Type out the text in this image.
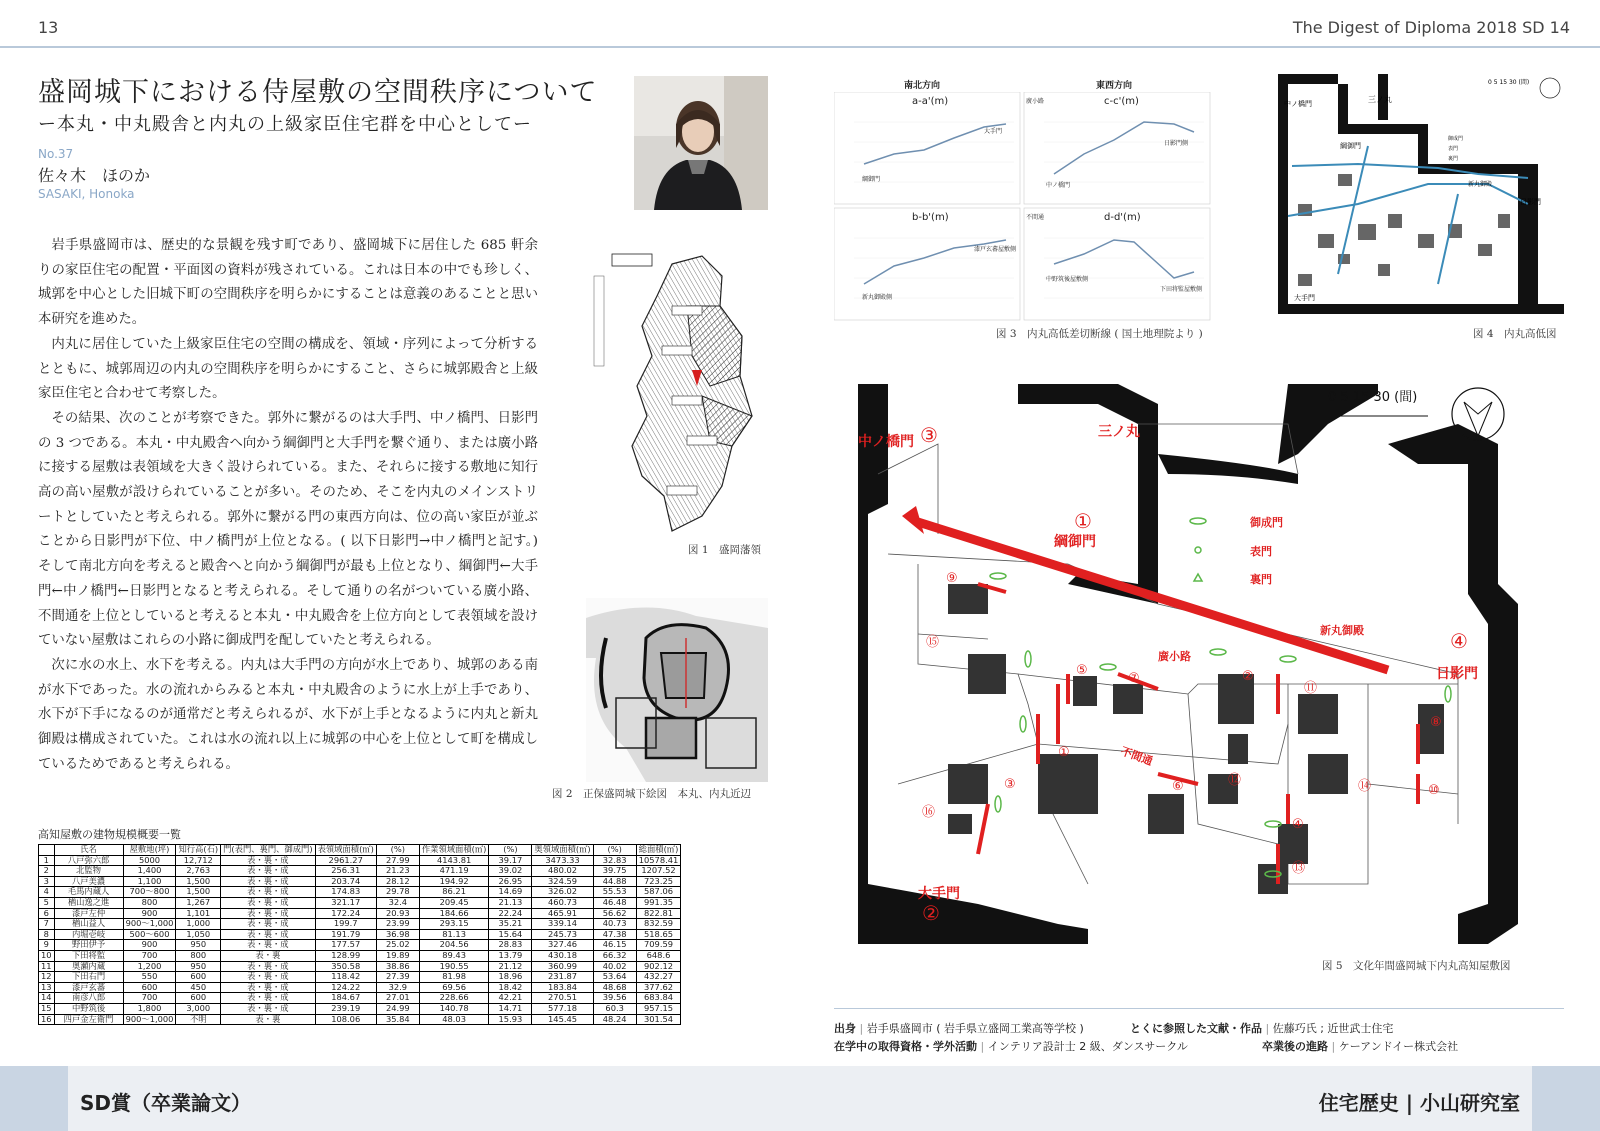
13	The Digest of Diploma 2018 SD 14
盛岡城下における侍屋敷の空間秩序について
ー本丸・中丸殿舎と内丸の上級家臣住宅群を中心としてー
No.37
佐々木　ほのか
SASAKI, Honoka

岩手県盛岡市は、歴史的な景観を残す町であり、盛岡城下に居住した 685 軒余りの家臣住宅の配置・平面図の資料が残されている。これは日本の中でも珍しく、城郭を中心とした旧城下町の空間秩序を明らかにすることは意義のあることと思い本研究を進めた。

内丸に居住していた上級家臣住宅の空間の構成を、領域・序列によって分析するとともに、城郭周辺の内丸の空間秩序を明らかにすること、さらに城郭殿舎と上級家臣住宅と合わせて考察した。

その結果、次のことが考察できた。郭外に繋がるのは大手門、中ノ橋門、日影門の 3 つである。本丸・中丸殿舎へ向かう綱御門と大手門を繋ぐ通り、または廣小路に接する屋敷は表領域を大きく設けられている。また、それらに接する敷地に知行高の高い屋敷が設けられていることが多い。そのため、そこを内丸のメインストリートとしていたと考えられる。郭外に繋がる門の東西方向は、位の高い家臣が並ぶことから日影門が下位、中ノ橋門が上位となる。( 以下日影門→中ノ橋門と記す。) そして南北方向を考えると殿舎へと向かう綱御門が最も上位となり、綱御門←大手門←中ノ橋門←日影門となると考えられる。そして通りの名がついている廣小路、不間通を上位としていると考えると本丸・中丸殿舎を上位方向として表領域を設けていない屋敷はこれらの小路に御成門を配していたと考えられる。

次に水の水上、水下を考える。内丸は大手門の方向が水上であり、城郭のある南が水下であった。水の流れからみると本丸・中丸殿舎のように水上が上手であり、水下が下手になるのが通常だと考えられるが、水下が上手となるように内丸と新丸御殿は構成されていた。これは水の流れ以上に城郭の中心を上位として町を構成しているためであると考えられる。

図 1　盛岡藩領
図 2　正保盛岡城下絵図　本丸、内丸近辺
南北方向	東西方向
a-a'(m)	c-c'(m)
b-b'(m)	d-d'(m)
廣小路
不間通
綱御門
大手門
中ノ橋門
日影門側
新丸御殿側
漆戸玄蕃屋敷側
中野筑後屋敷側
下田将監屋敷側
図 3　内丸高低差切断線 ( 国土地理院より )
三ノ丸
中ノ橋門
綱御門
日影門
大手門
新丸御殿
0 5 15 30 (間)
御成門
表門
裏門
図 4　内丸高低図
0 5 15 30 (間)
中ノ橋門 ③
綱御門
①
日影門
④
大手門
②
三ノ丸
新丸御殿
廣小路
不間通
御成門
表門
裏門
⑨
⑮
⑤
⑦	②
⑪
⑧
①
⑫
⑥	⑭	⑩
③
⑯
④
⑬
図 5　文化年間盛岡城下内丸高知屋敷図
高知屋敷の建物規模概要一覧
	氏名	屋敷地(坪)	知行高(石)	門(表門、裏門、御成門)	表領域面積(㎡)	(%)	作業領域面積(㎡)	(%)	奥領域面積(㎡)	(%)	総面積(㎡)
1	八戸弥六郎	5000	12,712	表・裏・成	2961.27	27.99	4143.81	39.17	3473.33	32.83	10578.41
2	北監物	1,400	2,763	表・裏・成	256.31	21.23	471.19	39.02	480.02	39.75	1207.52
3	八戸美濃	1,100	1,500	表・裏・成	203.74	28.12	194.92	26.95	324.59	44.88	723.25
4	毛馬内蔵人	700〜800	1,500	表・裏・成	174.83	29.78	86.21	14.69	326.02	55.53	587.06
5	楢山逸之進	800	1,267	表・裏・成	321.17	32.4	209.45	21.13	460.73	46.48	991.35
6	漆戸左仲	900	1,101	表・裏・成	172.24	20.93	184.66	22.24	465.91	56.62	822.81
7	楢山益人	900〜1,000	1,000	表・裏・成	199.7	23.99	293.15	35.21	339.14	40.73	832.59
8	内堀壱岐	500〜600	1,050	表・裏・成	191.79	36.98	81.13	15.64	245.73	47.38	518.65
9	野田伊予	900	950	表・裏・成	177.57	25.02	204.56	28.83	327.46	46.15	709.59
10	下田将監	700	800	表・裏	128.99	19.89	89.43	13.79	430.18	66.32	648.6
11	奥瀬内蔵	1,200	950	表・裏・成	350.58	38.86	190.55	21.12	360.99	40.02	902.12
12	下田右門	550	600	表・裏・成	118.42	27.39	81.98	18.96	231.87	53.64	432.27
13	漆戸玄蕃	600	450	表・裏・成	124.22	32.9	69.56	18.42	183.84	48.68	377.62
14	南彦八郎	700	600	表・裏・成	184.67	27.01	228.66	42.21	270.51	39.56	683.84
15	中野筑後	1,800	3,000	表・裏・成	239.19	24.99	140.78	14.71	577.18	60.3	957.15
16	四戸金左衛門	900〜1,000	不明	表・裏	108.06	35.84	48.03	15.93	145.45	48.24	301.54
出身 | 岩手県盛岡市 ( 岩手県立盛岡工業高等学校 )	とくに参照した文献・作品 | 佐藤巧氏 ; 近世武士住宅
在学中の取得資格・学外活動 | インテリア設計士 2 級、ダンスサークル	卒業後の進路 | ケーアンドイー株式会社
SD賞（卒業論文）	住宅歴史 | 小山研究室
